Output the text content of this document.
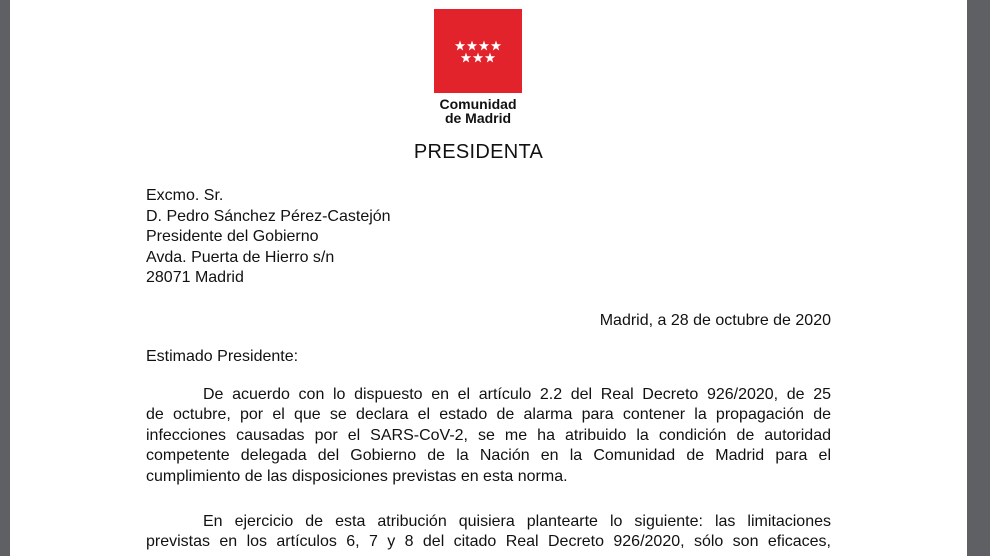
Comunidad
de Madrid
PRESIDENTA
Excmo. Sr.
D. Pedro Sánchez Pérez-Castejón
Presidente del Gobierno
Avda. Puerta de Hierro s/n
28071 Madrid
Madrid, a 28 de octubre de 2020
Estimado Presidente:
De acuerdo con lo dispuesto en el artículo 2.2 del Real Decreto 926/2020, de 25
de octubre, por el que se declara el estado de alarma para contener la propagación de
infecciones causadas por el SARS-CoV-2, se me ha atribuido la condición de autoridad
competente delegada del Gobierno de la Nación en la Comunidad de Madrid para el
cumplimiento de las disposiciones previstas en esta norma.
En ejercicio de esta atribución quisiera plantearte lo siguiente: las limitaciones
previstas en los artículos 6, 7 y 8 del citado Real Decreto 926/2020, sólo son eficaces,
